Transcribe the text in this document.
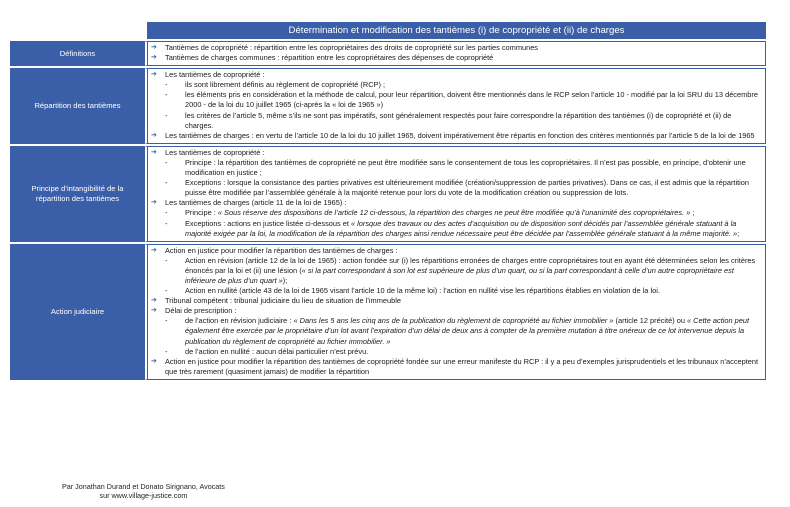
Détermination et modification des tantièmes (i) de copropriété et (ii) de charges
Définitions
➔	Tantièmes de copropriété : répartition entre les copropriétaires des droits de copropriété sur les parties communes
➔	Tantièmes de charges communes : répartition entre les copropriétaires des dépenses de copropriété
Répartition des tantièmes
➔	Les tantièmes de copropriété :
-	ils sont librement définis au règlement de copropriété (RCP) ;
-	les éléments pris en considération et la méthode de calcul, pour leur répartition, doivent être mentionnés dans le RCP selon l’article 10 - modifié par la loi SRU du 13 décembre 2000 - de la loi du 10 juillet 1965 (ci-après la « loi de 1965 »)
-	les critères de l’article 5, même s’ils ne sont pas impératifs, sont généralement respectés pour faire correspondre la répartition des tantièmes (i) de copropriété et (ii) de charges.
➔	Les tantièmes de charges : en vertu de l’article 10 de la loi du 10 juillet 1965, doivent impérativement être répartis en fonction des critères mentionnés par l’article 5 de la loi de 1965
Principe d’intangibilité de la répartition des tantièmes
➔	Les tantièmes de copropriété :
-	Principe : la répartition des tantièmes de copropriété ne peut être modifiée sans le consentement de tous les copropriétaires. Il n’est pas possible, en principe, d’obtenir une modification en justice ;
-	Exceptions : lorsque la consistance des parties privatives est ultérieurement modifiée (création/suppression de parties privatives). Dans ce cas, il est admis que la répartition puisse être modifiée par l’assemblée générale à la majorité retenue pour lors du vote de la modification création ou suppression de lots.
➔	Les tantièmes de charges (article 11 de la loi de 1965) :
-	Principe : « Sous réserve des dispositions de l’article 12 ci-dessous, la répartition des charges ne peut être modifiée qu’à l’unanimité des copropriétaires. » ;
-	Exceptions : actions en justice listée ci-dessous et « lorsque des travaux ou des actes d’acquisition ou de disposition sont décidés par l’assemblée générale statuant à la majorité exigée par la loi, la modification de la répartition des charges ainsi rendue nécessaire peut être décidée par l’assemblée générale statuant à la même majorité. »;
Action judiciaire
➔	Action en justice pour modifier la répartition des tantièmes de charges :
-	Action en révision (article 12 de la loi de 1965) : action fondée sur (i) les répartitions erronées de charges entre copropriétaires tout en ayant été déterminées selon les critères énoncés par la loi et (ii) une lésion (« si la part correspondant à son lot est supérieure de plus d’un quart, ou si la part correspondant à celle d’un autre copropriétaire est inférieure de plus d’un quart »);
-	Action en nullité (article 43 de la loi de 1965 visant l’article 10 de la même loi) : l’action en nullité vise les répartitions établies en violation de la loi.
➔	Tribunal compétent : tribunal judiciaire du lieu de situation de l’immeuble
➔	Délai de prescription :
-	de l’action en révision judiciaire : « Dans les 5 ans les cinq ans de la publication du règlement de copropriété au fichier immobilier » (article 12 précité) ou « Cette action peut également être exercée par le propriétaire d’un lot avant l’expiration d’un délai de deux ans à compter de la première mutation à titre onéreux de ce lot intervenue depuis la publication du règlement de copropriété au fichier immobilier. »
-	de l’action en nullité : aucun délai particulier n’est prévu.
➔	Action en justice pour modifier la répartition des tantièmes de copropriété fondée sur une erreur manifeste du RCP : il y a peu d’exemples jurisprudentiels et les tribunaux n’acceptent que très rarement (quasiment jamais) de modifier la répartition
Par Jonathan Durand et Donato Sirignano, Avocats
sur www.village-justice.com
